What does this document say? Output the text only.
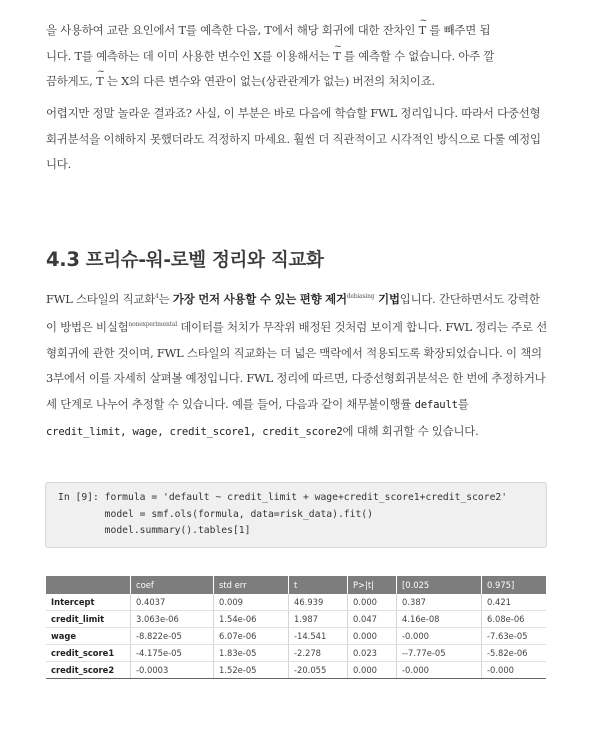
을 사용하여 교란 요인에서 T를 예측한 다음, T에서 해당 회귀에 대한 잔차인 ~ T 를 빼주면 됩
니다. T를 예측하는 데 이미 사용한 변수인 X를 이용해서는 ~ T 를 예측할 수 없습니다. 아주 깔
끔하게도, ~ T 는 X의 다른 변수와 연관이 없는(상관관계가 없는) 버전의 처치이죠.
어렵지만 정말 놀라운 결과죠? 사실, 이 부분은 바로 다음에 학습할 FWL 정리입니다. 따라서 다중선형회귀분석을 이해하지 못했더라도 걱정하지 마세요. 훨씬 더 직관적이고 시각적인 방식으로 다룰 예정입니다.
4.3 프리슈-워-로벨 정리와 직교화
FWL 스타일의 직교화$^4$는 가장 먼저 사용할 수 있는 편향 제거$^{debiasing}$ 기법입니다. 간단하면서도 강력한 이 방법은 비실험$^{nonexperimental}$ 데이터를 처치가 무작위 배정된 것처럼 보이게 합니다. FWL 정리는 주로 선형회귀에 관한 것이며, FWL 스타일의 직교화는 더 넓은 맥락에서 적용되도록 확장되었습니다. 이 책의 3부에서 이를 자세히 살펴볼 예정입니다. FWL 정리에 따르면, 다중선형회귀분석은 한 번에 추정하거나 세 단계로 나누어 추정할 수 있습니다. 예를 들어, 다음과 같이 채무불이행률 default를 credit_limit, wage, credit_score1, credit_score2에 대해 회귀할 수 있습니다.
In [9]: formula = 'default ~ credit_limit + wage+credit_score1+credit_score2'
model = smf.ols(formula, data=risk_data).fit()
model.summary().tables[1]
	coef	std err	t	P>|t|	[0.025	0.975]
Intercept	0.4037	0.009	46.939	0.000	0.387	0.421
credit_limit	3.063e-06	1.54e-06	1.987	0.047	4.16e-08	6.08e-06
wage	-8.822e-05	6.07e-06	-14.541	0.000	-0.000	-7.63e-05
credit_score1	-4.175e-05	1.83e-05	-2.278	0.023	--7.77e-05	-5.82e-06
credit_score2	-0.0003	1.52e-05	-20.055	0.000	-0.000	-0.000
